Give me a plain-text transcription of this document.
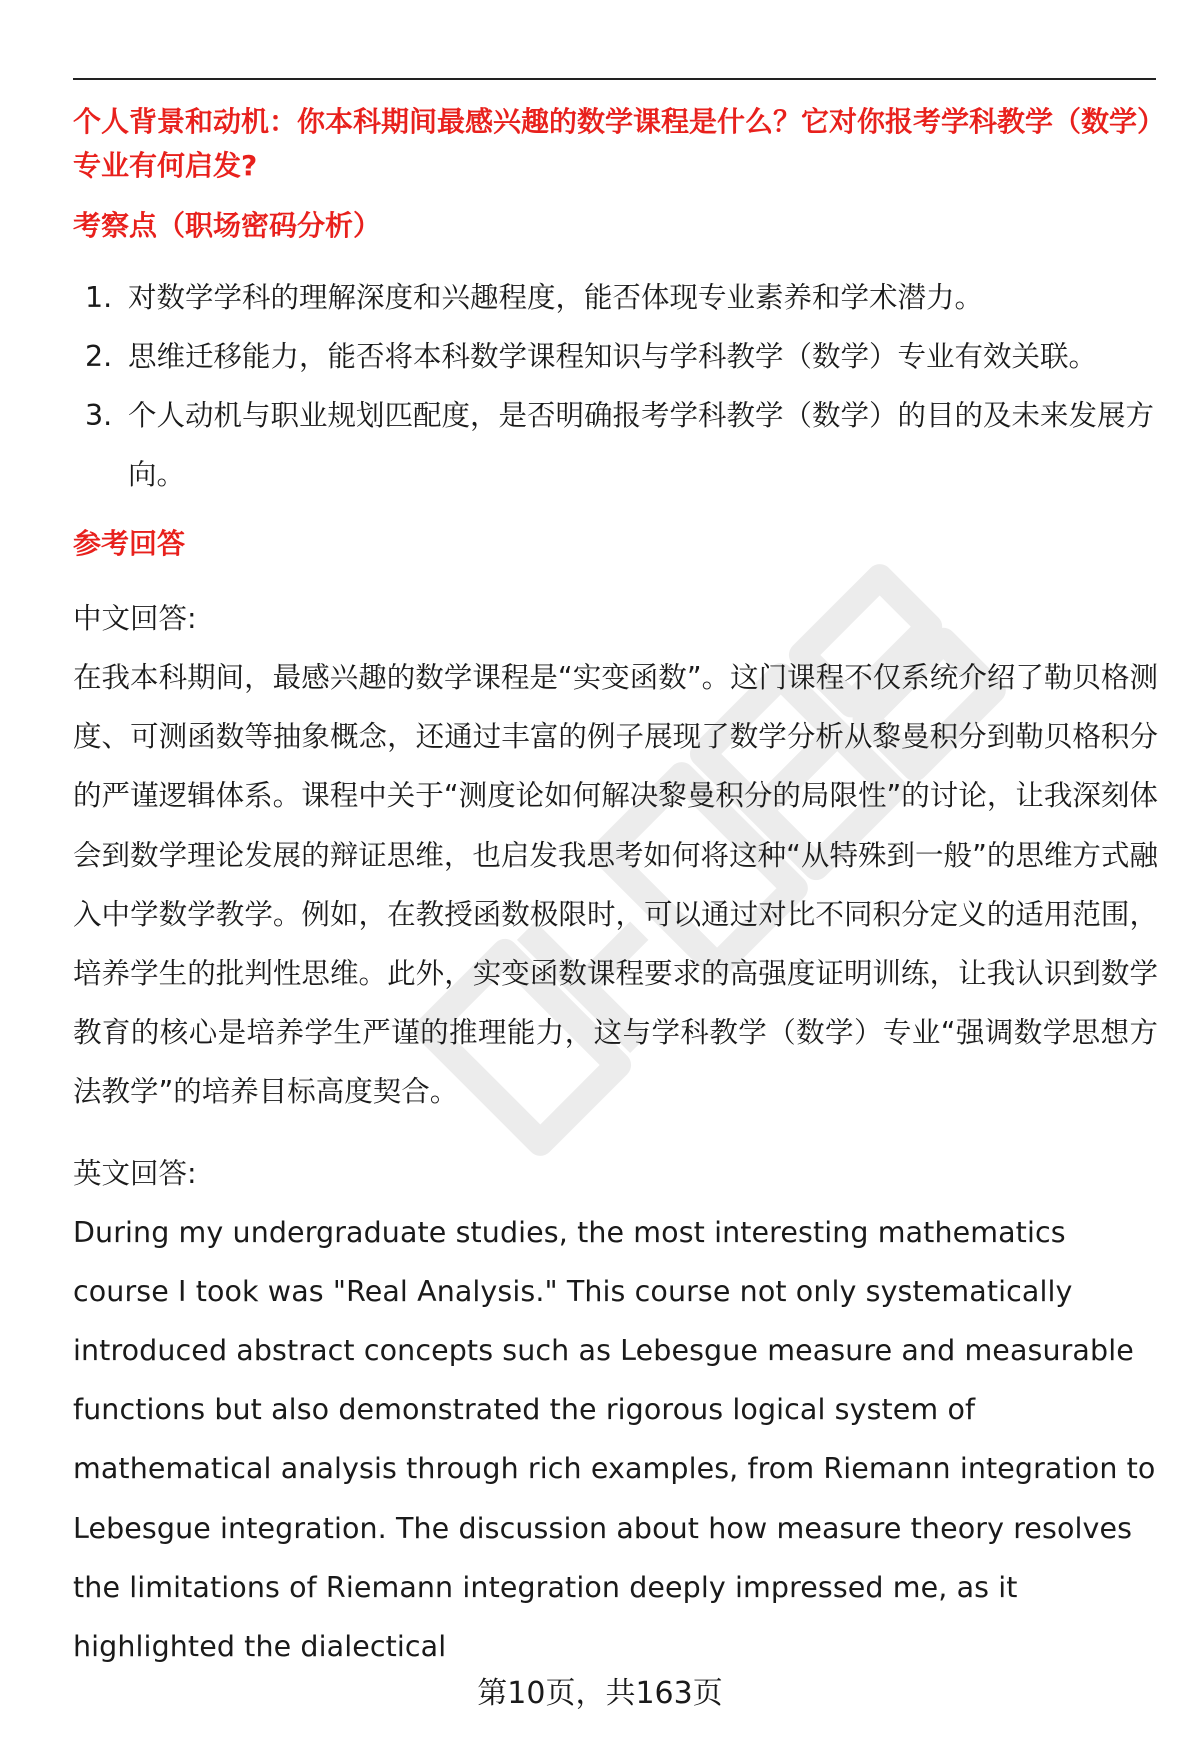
个人背景和动机：你本科期间最感兴趣的数学课程是什么？它对你报考学科教学（数学）专业有何启发?
考察点（职场密码分析）
1. 对数学学科的理解深度和兴趣程度，能否体现专业素养和学术潜力。
2. 思维迁移能力，能否将本科数学课程知识与学科教学（数学）专业有效关联。
3. 个人动机与职业规划匹配度，是否明确报考学科教学（数学）的目的及未来发展方向。
参考回答

中文回答:

在我本科期间，最感兴趣的数学课程是“实变函数”。这门课程不仅系统介绍了勒贝格测度、可测函数等抽象概念，还通过丰富的例子展现了数学分析从黎曼积分到勒贝格积分的严谨逻辑体系。课程中关于“测度论如何解决黎曼积分的局限性”的讨论，让我深刻体会到数学理论发展的辩证思维，也启发我思考如何将这种“从特殊到一般”的思维方式融入中学数学教学。例如，在教授函数极限时，可以通过对比不同积分定义的适用范围，培养学生的批判性思维。此外，实变函数课程要求的高强度证明训练，让我认识到数学教育的核心是培养学生严谨的推理能力，这与学科教学（数学）专业“强调数学思想方法教学”的培养目标高度契合。

英文回答:

During my undergraduate studies, the most interesting mathematics course I took was "Real Analysis." This course not only systematically introduced abstract concepts such as Lebesgue measure and measurable functions but also demonstrated the rigorous logical system of mathematical analysis through rich examples, from Riemann integration to Lebesgue integration. The discussion about how measure theory resolves the limitations of Riemann integration deeply impressed me, as it highlighted the dialectical

第10页，共163页
